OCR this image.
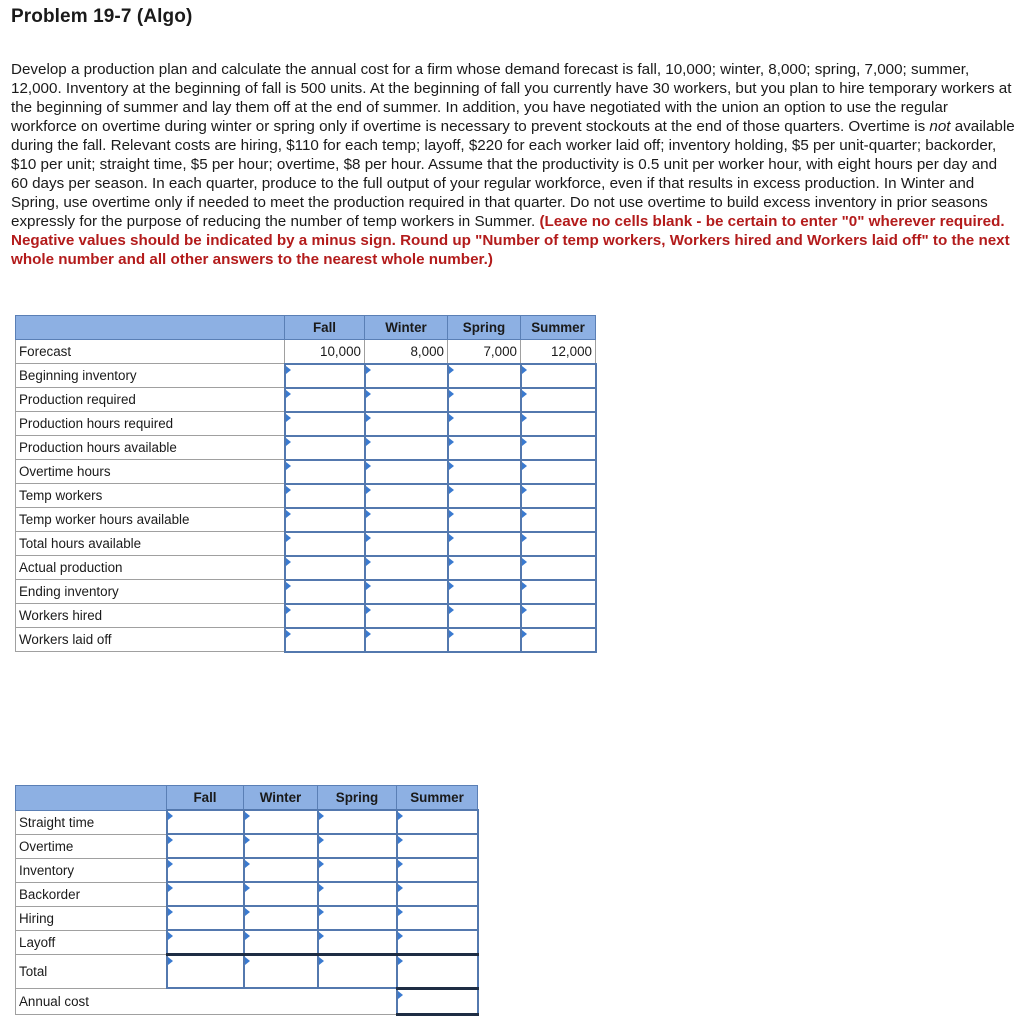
Problem 19-7 (Algo)

Develop a production plan and calculate the annual cost for a firm whose demand forecast is fall, 10,000; winter, 8,000; spring, 7,000; summer, 12,000. Inventory at the beginning of fall is 500 units. At the beginning of fall you currently have 30 workers, but you plan to hire temporary workers at the beginning of summer and lay them off at the end of summer. In addition, you have negotiated with the union an option to use the regular workforce on overtime during winter or spring only if overtime is necessary to prevent stockouts at the end of those quarters. Overtime is not available during the fall. Relevant costs are hiring, $110 for each temp; layoff, $220 for each worker laid off; inventory holding, $5 per unit-quarter; backorder, $10 per unit; straight time, $5 per hour; overtime, $8 per hour. Assume that the productivity is 0.5 unit per worker hour, with eight hours per day and 60 days per season. In each quarter, produce to the full output of your regular workforce, even if that results in excess production. In Winter and Spring, use overtime only if needed to meet the production required in that quarter. Do not use overtime to build excess inventory in prior seasons expressly for the purpose of reducing the number of temp workers in Summer. (Leave no cells blank - be certain to enter "0" wherever required. Negative values should be indicated by a minus sign. Round up "Number of temp workers, Workers hired and Workers laid off" to the next whole number and all other answers to the nearest whole number.)

	Fall	Winter	Spring	Summer
Forecast	10,000	8,000	7,000	12,000
Beginning inventory	

Production required	

Production hours required	

Production hours available	

Overtime hours	

Temp workers	

Temp worker hours available	

Total hours available	

Actual production	

Ending inventory	

Workers hired	

Workers laid off	

	Fall	Winter	Spring	Summer
Straight time	

Overtime	

Inventory	

Backorder	

Hiring	

Layoff	

Total	

Annual cost	
